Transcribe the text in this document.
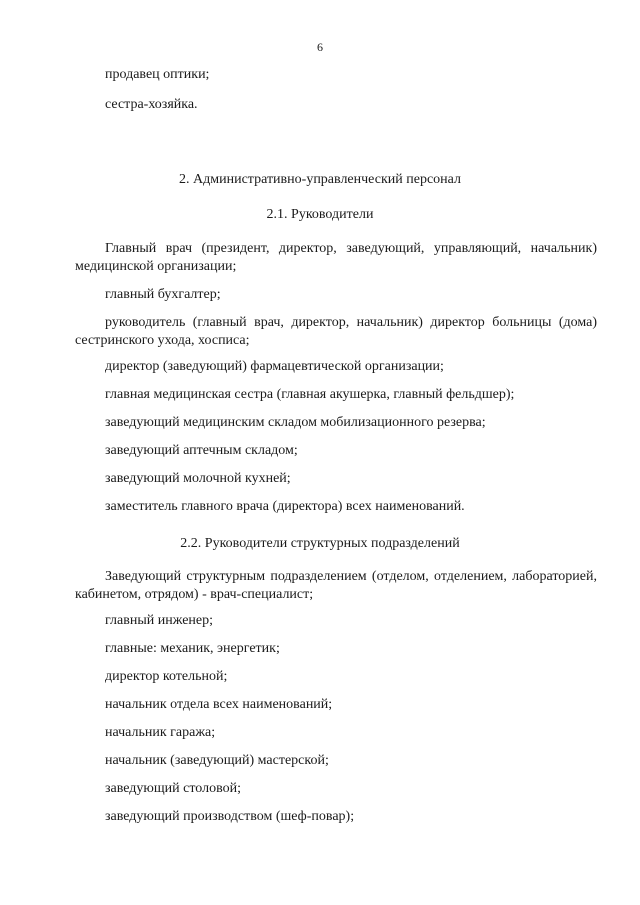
6

продавец оптики;

сестра-хозяйка.

2. Административно-управленческий персонал

2.1. Руководители

Главный врач (президент, директор, заведующий, управляющий, начальник) медицинской организации;

главный бухгалтер;

руководитель (главный врач, директор, начальник) директор больницы (дома) сестринского ухода, хосписа;

директор (заведующий) фармацевтической организации;

главная медицинская сестра (главная акушерка, главный фельдшер);

заведующий медицинским складом мобилизационного резерва;

заведующий аптечным складом;

заведующий молочной кухней;

заместитель главного врача (директора) всех наименований.

2.2. Руководители структурных подразделений

Заведующий структурным подразделением (отделом, отделением, лабораторией, кабинетом, отрядом) - врач-специалист;

главный инженер;

главные: механик, энергетик;

директор котельной;

начальник отдела всех наименований;

начальник гаража;

начальник (заведующий) мастерской;

заведующий столовой;

заведующий производством (шеф-повар);
